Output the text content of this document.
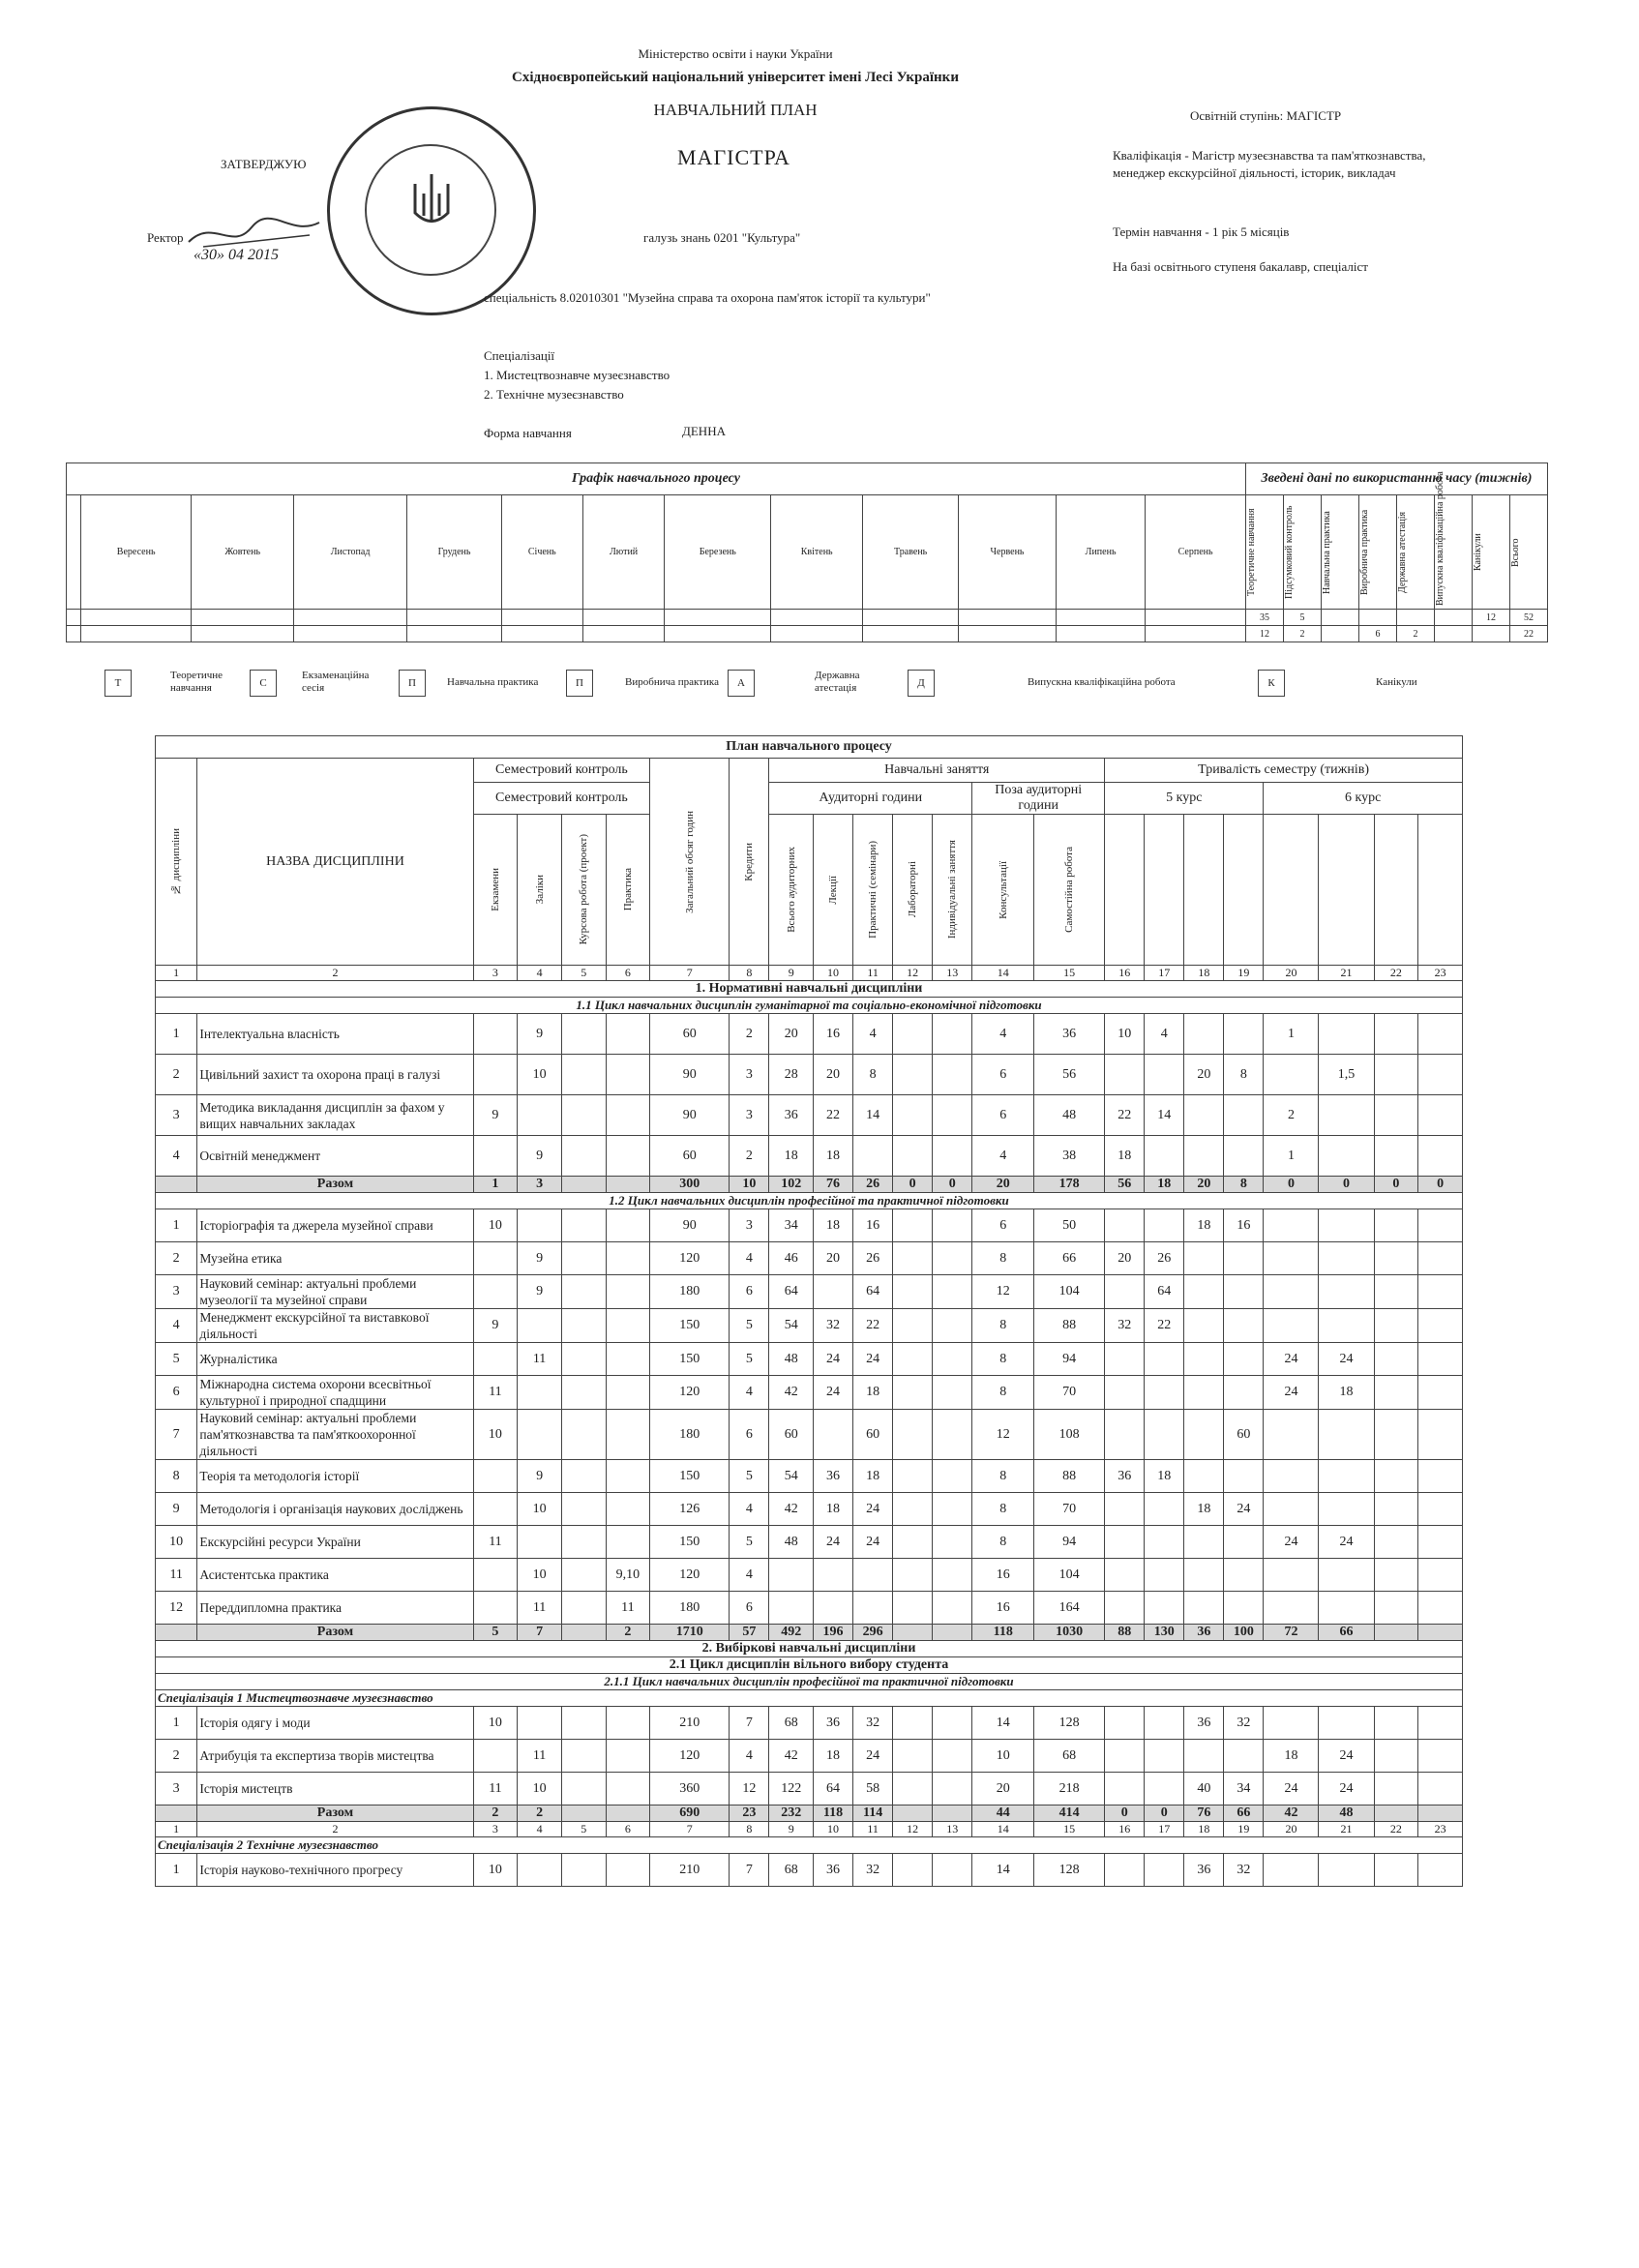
Міністерство освіти і науки України
Східноєвропейський національний університет імені Лесі Українки
НАВЧАЛЬНИЙ ПЛАН
ЗАТВЕРДЖУЮ
Ректор
«30» 04 2015
МАГІСТРА
галузь знань 0201 "Культура"
спеціальність 8.02010301 "Музейна справа та охорона пам'яток історії та культури"
Спеціалізації
1. Мистецтвознавче музеєзнавство
2. Технічне музеєзнавство
Форма навчання	ДЕННА
Освітній ступінь: МАГІСТР
Кваліфікація - Магістр музеєзнавства та пам'яткознавства, менеджер екскурсійної діяльності, історик, викладач
Термін навчання - 1 рік 5 місяців
На базі освітнього ступеня бакалавр, спеціаліст
Графік навчального процесу													Зведені дані по використанню часу (тижнів)							
	Вересень	Жовтень	Листопад	Грудень	Січень	Лютий	Березень	Квітень	Травень	Червень	Липень	Серпень	Теоретичне навчання	Підсумковий контроль	Навчальна практика	Виробнича практика	Державна атестація	Випускна кваліфікаційна робота	Канікули	Всього

													35	5					12	52
													12	2		6	2			22
Т
Теоретичне навчання	С
Екзаменаційна сесія	П	Навчальна практика	П	Виробнича практика	А
Державна атестація	Д	Випускна кваліфікаційна робота	К	Канікули
План навчального процесу																						

№ дисципліни	НАЗВА ДИСЦИПЛІНИ	Семестровий контроль				Загальний обсяг годин	Кредити	Навчальні заняття							Тривалість семестру (тижнів)							
		Семестровий контроль						Аудиторні години					Поза аудиторні години		5 курс				6 курс			

		Екзамени	Заліки	Курсова робота (проект)	Практика			Всього аудиторних	Лекції	Практичні (семінари)	Лабораторні	Індивідуальні заняття	Консультації	Самостійна робота								

1	2	3	4	5	6	7	8	9	10	11	12	13	14	15	16	17	18	19	20	21	22	23
1. Нормативні навчальні дисципліни																						
1.1 Цикл навчальних дисциплін гуманітарної та соціально-економічної підготовки																						
1	Інтелектуальна власність		9			60	2	20	16	4			4	36	10	4			1			
2	Цивільний захист та охорона праці в галузі		10			90	3	28	20	8			6	56			20	8		1,5		
3	Методика викладання дисциплін за фахом у вищих навчальних закладах	9				90	3	36	22	14			6	48	22	14			2			
4	Освітній менеджмент		9			60	2	18	18				4	38	18				1			
	Разом	1	3			300	10	102	76	26	0	0	20	178	56	18	20	8	0	0	0	0
1.2 Цикл навчальних дисциплін професійної та практичної підготовки																						
1	Історіографія та джерела музейної справи	10				90	3	34	18	16			6	50			18	16				
2	Музейна етика		9			120	4	46	20	26			8	66	20	26						
3	Науковий семінар: актуальні проблеми музеології та музейної справи		9			180	6	64		64			12	104		64						
4	Менеджмент екскурсійної та виставкової діяльності	9				150	5	54	32	22			8	88	32	22						
5	Журналістика		11			150	5	48	24	24			8	94					24	24		
6	Міжнародна система охорони всесвітньої культурної і природної спадщини	11				120	4	42	24	18			8	70					24	18		
7	Науковий семінар: актуальні проблеми пам'яткознавства та пам'яткоохоронної діяльності	10				180	6	60		60			12	108				60				
8	Теорія та методологія історії		9			150	5	54	36	18			8	88	36	18						
9	Методологія і організація наукових досліджень		10			126	4	42	18	24			8	70			18	24				
10	Екскурсійні ресурси України	11				150	5	48	24	24			8	94					24	24		
11	Асистентська практика		10		9,10	120	4						16	104								
12	Переддипломна практика		11		11	180	6						16	164								
	Разом	5	7		2	1710	57	492	196	296			118	1030	88	130	36	100	72	66		
2. Вибіркові навчальні дисципліни																						
2.1 Цикл дисциплін вільного вибору студента																						
2.1.1 Цикл навчальних дисциплін професійної та практичної підготовки																						
Спеціалізація 1 Мистецтвознавче музеєзнавство																						
1	Історія одягу і моди	10				210	7	68	36	32			14	128			36	32				
2	Атрибуція та експертиза творів мистецтва		11			120	4	42	18	24			10	68					18	24		
3	Історія мистецтв	11	10			360	12	122	64	58			20	218			40	34	24	24		
	Разом	2	2			690	23	232	118	114			44	414	0	0	76	66	42	48		
1	2	3	4	5	6	7	8	9	10	11	12	13	14	15	16	17	18	19	20	21	22	23
Спеціалізація 2 Технічне музеєзнавство																						
1	Історія науково-технічного прогресу	10				210	7	68	36	32			14	128			36	32				
